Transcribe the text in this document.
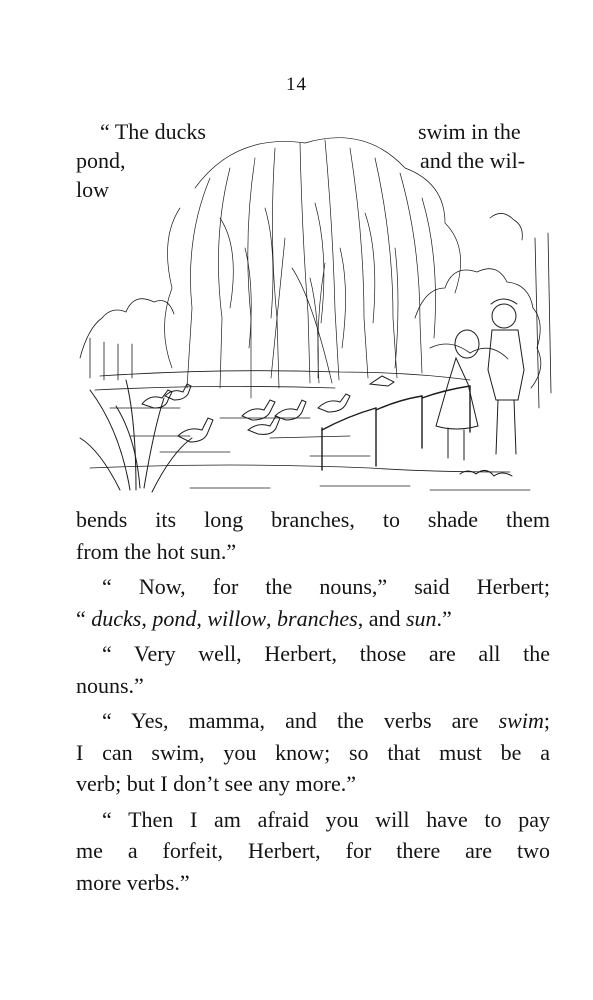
14
“ The ducks
pond,
low
swim in the
and the wil-
bends its long branches, to shade them
from the hot sun.”
“ Now, for the nouns,” said Herbert;
“ ducks, pond, willow, branches, and sun.”
“ Very well, Herbert, those are all the
nouns.”
“ Yes, mamma, and the verbs are swim;
I can swim, you know; so that must be a
verb; but I don’t see any more.”
“ Then I am afraid you will have to pay
me a forfeit, Herbert, for there are two
more verbs.”
